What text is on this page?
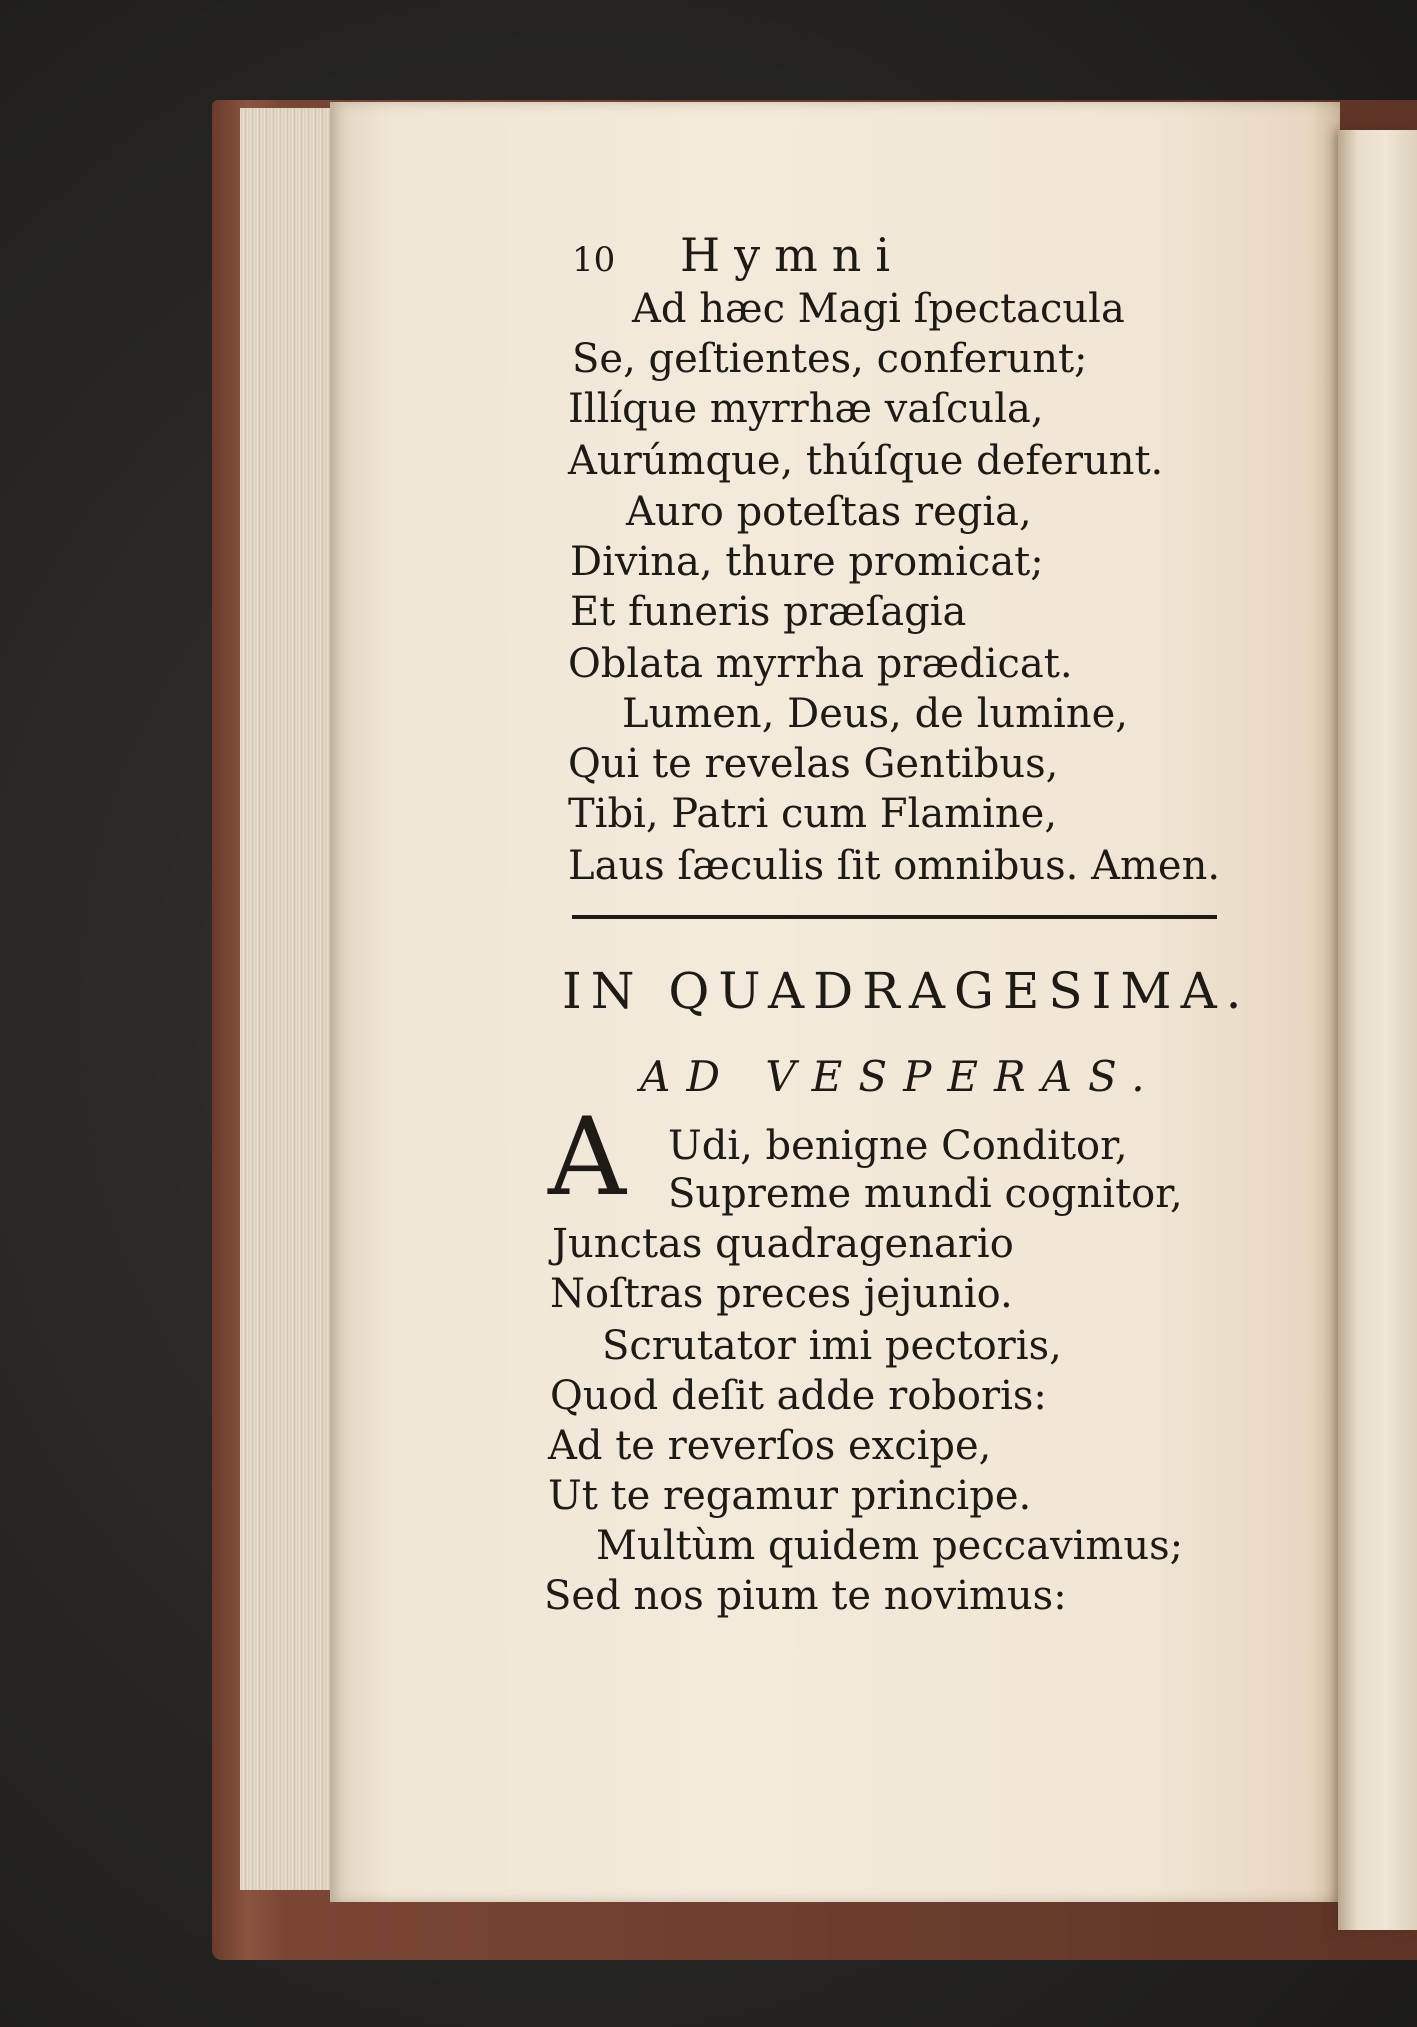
10 Hymni
Ad hæc Magi ſpectacula
Se, geſtientes, conferunt;
Illíque myrrhæ vaſcula,
Aurúmque, thúſque deferunt.
Auro poteſtas regia,
Divina, thure promicat;
Et funeris præſagia
Oblata myrrha prædicat.
Lumen, Deus, de lumine,
Qui te revelas Gentibus,
Tibi, Patri cum Flamine,
Laus ſæculis ſit omnibus. Amen.
IN QUADRAGESIMA.
AD VESPERAS.
A Udi, benigne Conditor,
Supreme mundi cognitor,
Junctas quadragenario
Noſtras preces jejunio.
Scrutator imi pectoris,
Quod deſit adde roboris:
Ad te reverſos excipe,
Ut te regamur principe.
Multùm quidem peccavimus;
Sed nos pium te novimus:
